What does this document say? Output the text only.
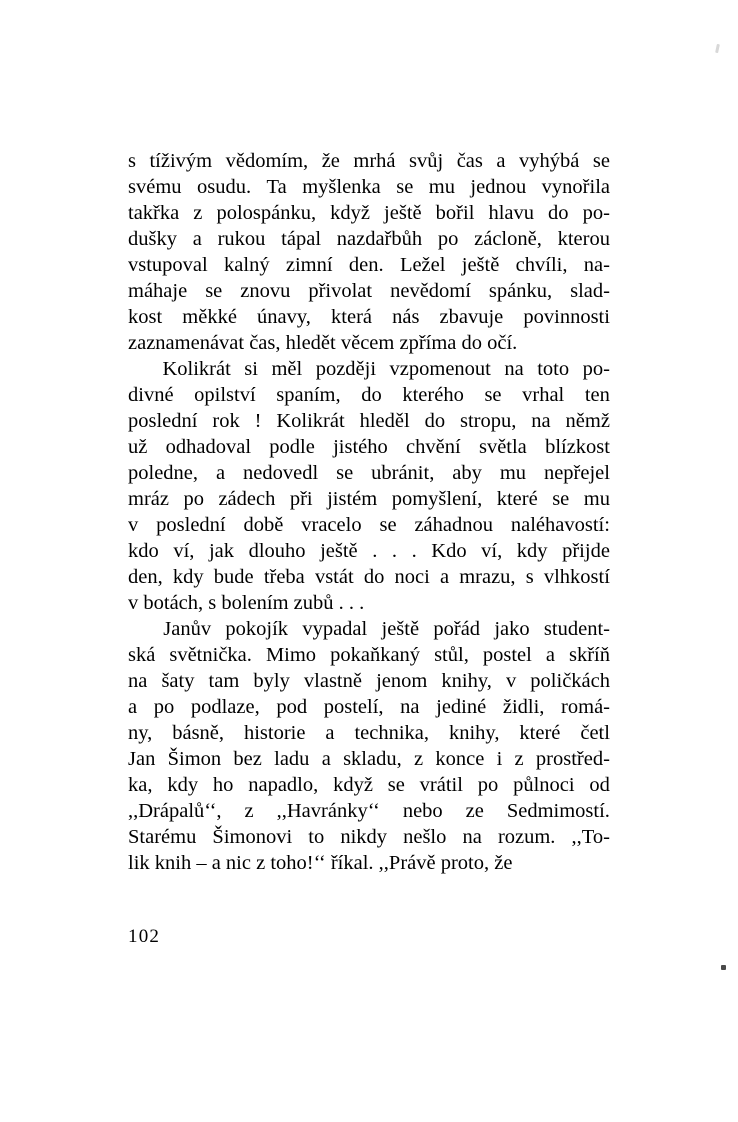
s tíživým vědomím, že mrhá svůj čas a vyhýbá se
svému osudu. Ta myšlenka se mu jednou vynořila
takřka z polospánku, když ještě bořil hlavu do po-
dušky a rukou tápal nazdařbůh po zácloně, kterou
vstupoval kalný zimní den. Ležel ještě chvíli, na-
máhaje se znovu přivolat nevědomí spánku, slad-
kost měkké únavy, která nás zbavuje povinnosti
zaznamenávat čas, hledět věcem zpříma do očí.
Kolikrát si měl později vzpomenout na toto po-
divné opilství spaním, do kterého se vrhal ten
poslední rok ! Kolikrát hleděl do stropu, na němž
už odhadoval podle jistého chvění světla blízkost
poledne, a nedovedl se ubránit, aby mu nepřejel
mráz po zádech při jistém pomyšlení, které se mu
v poslední době vracelo se záhadnou naléhavostí:
kdo ví, jak dlouho ještě . . . Kdo ví, kdy přijde
den, kdy bude třeba vstát do noci a mrazu, s vlhkostí
v botách, s bolením zubů . . .
Janův pokojík vypadal ještě pořád jako student-
ská světnička. Mimo pokaňkaný stůl, postel a skříň
na šaty tam byly vlastně jenom knihy, v poličkách
a po podlaze, pod postelí, na jediné židli, romá-
ny, básně, historie a technika, knihy, které četl
Jan Šimon bez ladu a skladu, z konce i z prostřed-
ka, kdy ho napadlo, když se vrátil po půlnoci od
,,Drápalů‘‘, z ,,Havránky‘‘ nebo ze Sedmimostí.
Starému Šimonovi to nikdy nešlo na rozum. ,,To-
lik knih – a nic z toho!‘‘ říkal. ,,Právě proto, že
102
